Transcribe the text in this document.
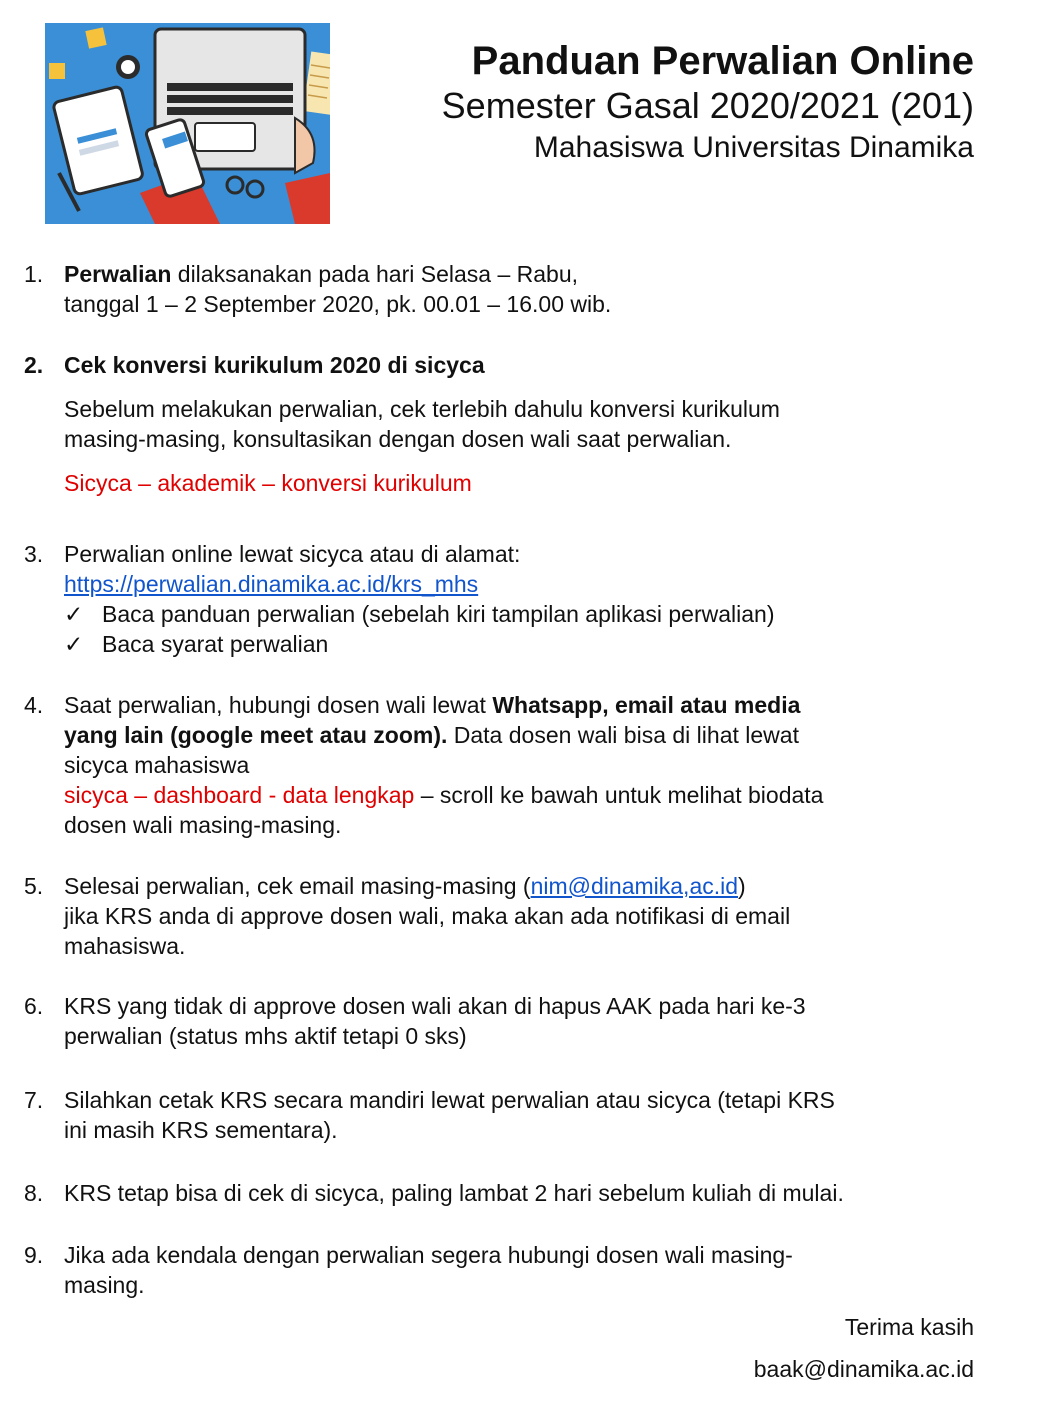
Panduan Perwalian Online
Semester Gasal 2020/2021 (201)
Mahasiswa Universitas Dinamika
1. Perwalian dilaksanakan pada hari Selasa – Rabu,
tanggal 1 – 2 September 2020, pk. 00.01 – 16.00 wib.
2. Cek konversi kurikulum 2020 di sicyca
Sebelum melakukan perwalian, cek terlebih dahulu konversi kurikulum
masing-masing, konsultasikan dengan dosen wali saat perwalian.
Sicyca – akademik – konversi kurikulum
3. Perwalian online lewat sicyca atau di alamat:
https://perwalian.dinamika.ac.id/krs_mhs
✓ Baca panduan perwalian (sebelah kiri tampilan aplikasi perwalian)
✓ Baca syarat perwalian
4. Saat perwalian, hubungi dosen wali lewat Whatsapp, email atau media
yang lain (google meet atau zoom). Data dosen wali bisa di lihat lewat
sicyca mahasiswa
sicyca – dashboard - data lengkap – scroll ke bawah untuk melihat biodata
dosen wali masing-masing.
5. Selesai perwalian, cek email masing-masing (nim@dinamika,ac.id)
jika KRS anda di approve dosen wali, maka akan ada notifikasi di email
mahasiswa.
6. KRS yang tidak di approve dosen wali akan di hapus AAK pada hari ke-3
perwalian (status mhs aktif tetapi 0 sks)
7. Silahkan cetak KRS secara mandiri lewat perwalian atau sicyca (tetapi KRS
ini masih KRS sementara).
8. KRS tetap bisa di cek di sicyca, paling lambat 2 hari sebelum kuliah di mulai.
9. Jika ada kendala dengan perwalian segera hubungi dosen wali masing-
masing.
Terima kasih
baak@dinamika.ac.id
